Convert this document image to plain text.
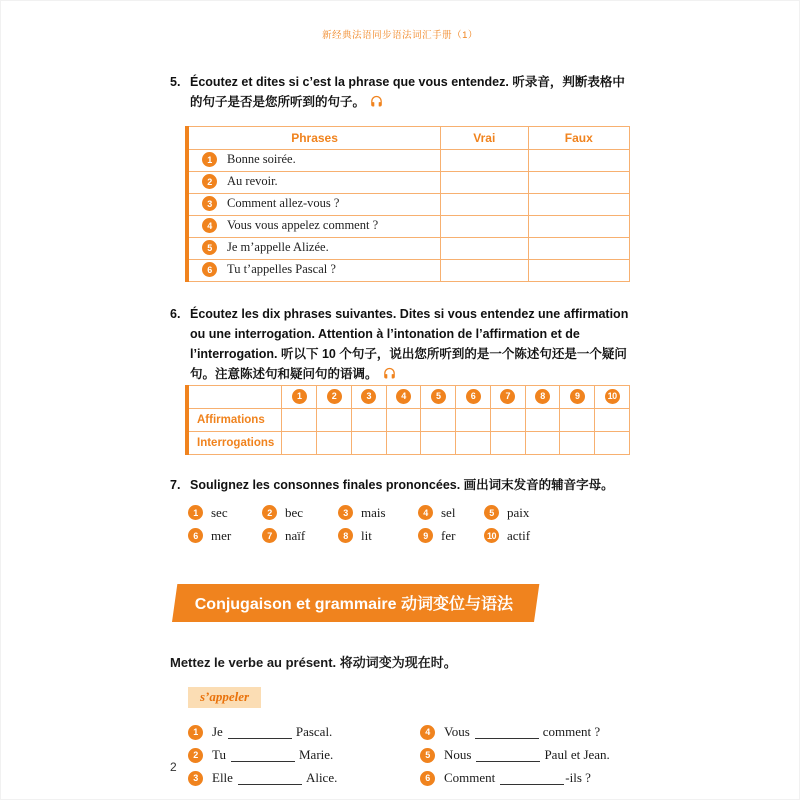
新经典法语同步语法词汇手册（1）
5. Écoutez et dites si c’est la phrase que vous entendez. 听录音，判断表格中的句子是否是您所听到的句子。
Phrases	Vrai	Faux
1 Bonne soirée.		
2 Au revoir.		
3 Comment allez-vous ?		
4 Vous vous appelez comment ?		
5 Je m’appelle Alizée.		
6 Tu t’appelles Pascal ?		
6. Écoutez les dix phrases suivantes. Dites si vous entendez une affirmation ou une interrogation. Attention à l’intonation de l’affirmation et de l’interrogation. 听以下 10 个句子，说出您所听到的是一个陈述句还是一个疑问句。注意陈述句和疑问句的语调。
	1	2	3	4	5	6	7	8	9	10
Affirmations										
Interrogations										
7. Soulignez les consonnes finales prononcées. 画出词末发音的辅音字母。
1	sec	2	bec	3	mais	4	sel	5	paix
6	mer	7	naïf	8	lit	9	fer	10 actif
Conjugaison et grammaire 动词变位与语法
Mettez le verbe au présent. 将动词变为现在时。
s’appeler
1	Je	Pascal.
2	Tu	Marie.
3	Elle	Alice.
4	Vous	comment ?
5	Nous	Paul et Jean.
6	Comment	-ils ?
2
